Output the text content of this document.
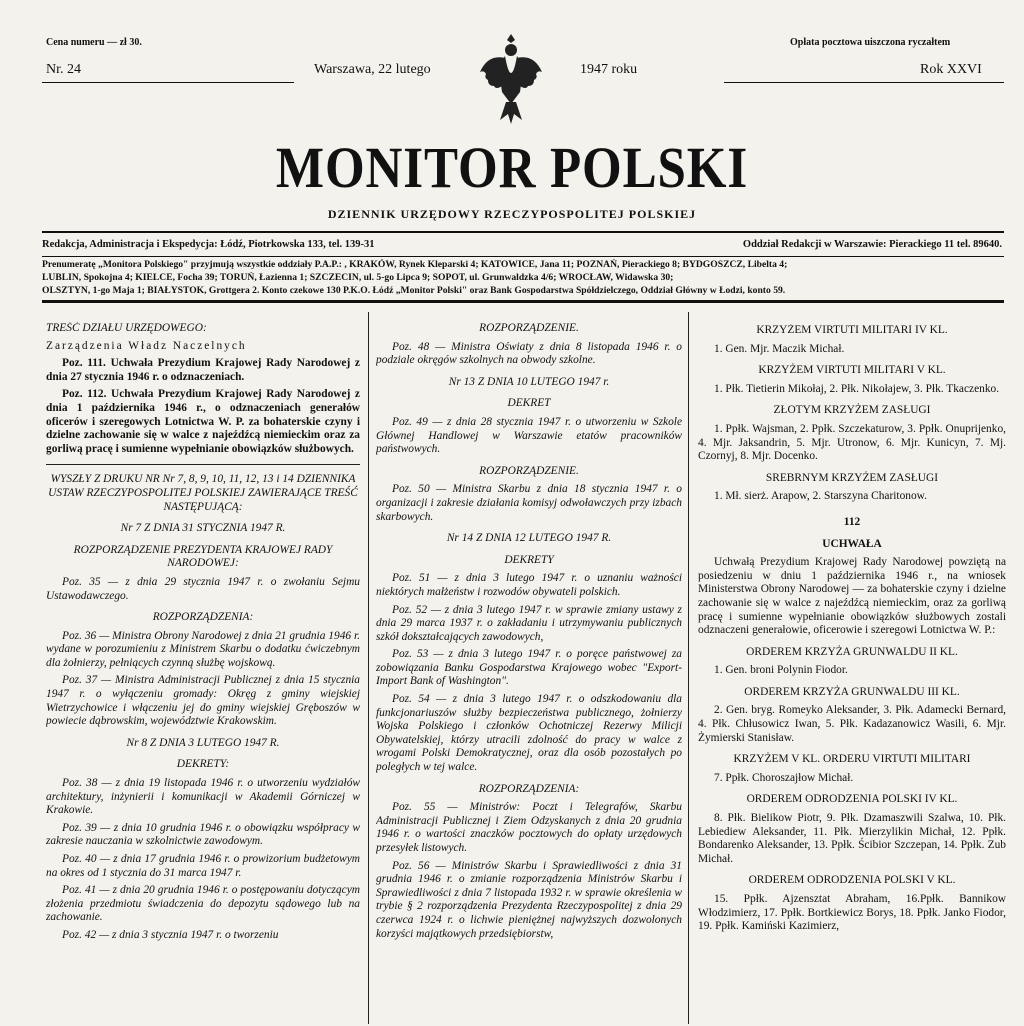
Cena numeru — zł 30.	Opłata pocztowa uiszczona ryczałtem
Nr. 24	Warszawa, 22 lutego	1947 roku	Rok XXVI
MONITOR POLSKI
DZIENNIK URZĘDOWY RZECZYPOSPOLITEJ POLSKIEJ
Redakcja, Administracja i Ekspedycja: Łódź, Piotrkowska 133, tel. 139-31	Oddział Redakcji w Warszawie: Pierackiego 11 tel. 89640.
Prenumeratę „Monitora Polskiego" przyjmują wszystkie oddziały P.A.P.: , KRAKÓW, Rynek Kleparski 4; KATOWICE, Jana 11; POZNAŃ, Pierackiego 8; BYDGOSZCZ, Libelta 4;
LUBLIN, Spokojna 4; KIELCE, Focha 39; TORUŃ, Łazienna 1; SZCZECIN, ul. 5-go Lipca 9; SOPOT, ul. Grunwaldzka 4/6; WROCŁAW, Widawska 30;
OLSZTYN, 1-go Maja 1; BIAŁYSTOK, Grottgera 2. Konto czekowe 130 P.K.O. Łódź „Monitor Polski" oraz Bank Gospodarstwa Spółdzielczego, Oddział Główny w Łodzi, konto 59.

TREŚĆ DZIAŁU URZĘDOWEGO:

Zarządzenia Władz Naczelnych

Poz. 111. Uchwała Prezydium Krajowej Rady Narodowej z dnia 27 stycznia 1946 r. o odznaczeniach.

Poz. 112. Uchwała Prezydium Krajowej Rady Narodowej z dnia 1 października 1946 r., o odznaczeniach generałów oficerów i szeregowych Lotnictwa W. P. za bohaterskie czyny i dzielne zachowanie się w walce z najeźdźcą niemieckim oraz za gorliwą pracę i sumienne wypełnianie obowiązków służbowych.

WYSZŁY Z DRUKU NR Nr 7, 8, 9, 10, 11, 12, 13 i 14 DZIENNIKA USTAW RZECZYPOSPOLITEJ POLSKIEJ ZAWIERAJĄCE TREŚĆ NASTĘPUJĄCĄ:

Nr 7 Z DNIA 31 STYCZNIA 1947 R.

ROZPORZĄDZENIE PREZYDENTA KRAJOWEJ RADY NARODOWEJ:

Poz. 35 — z dnia 29 stycznia 1947 r. o zwołaniu Sejmu Ustawodawczego.

ROZPORZĄDZENIA:

Poz. 36 — Ministra Obrony Narodowej z dnia 21 grudnia 1946 r. wydane w porozumieniu z Ministrem Skarbu o dodatku ćwiczebnym dla żołnierzy, pełniących czynną służbę wojskową.

Poz. 37 — Ministra Administracji Publicznej z dnia 15 stycznia 1947 r. o wyłączeniu gromady: Okręg z gminy wiejskiej Wietrzychowice i włączeniu jej do gminy wiejskiej Gręboszów w powiecie dąbrowskim, województwie Krakowskim.

Nr 8 Z DNIA 3 LUTEGO 1947 R.

DEKRETY:

Poz. 38 — z dnia 19 listopada 1946 r. o utworzeniu wydziałów architektury, inżynierii i komunikacji w Akademii Górniczej w Krakowie.

Poz. 39 — z dnia 10 grudnia 1946 r. o obowiązku współpracy w zakresie nauczania w szkolnictwie zawodowym.

Poz. 40 — z dnia 17 grudnia 1946 r. o prowizorium budżetowym na okres od 1 stycznia do 31 marca 1947 r.

Poz. 41 — z dnia 20 grudnia 1946 r. o postępowaniu dotyczącym złożenia przedmiotu świadczenia do depozytu sądowego lub na zachowanie.

Poz. 42 — z dnia 3 stycznia 1947 r. o tworzeniu

ROZPORZĄDZENIE.

Poz. 48 — Ministra Oświaty z dnia 8 listopada 1946 r. o podziale okręgów szkolnych na obwody szkolne.

Nr 13 Z DNIA 10 LUTEGO 1947 r.

DEKRET

Poz. 49 — z dnia 28 stycznia 1947 r. o utworzeniu w Szkole Głównej Handlowej w Warszawie etatów pracowników państwowych.

ROZPORZĄDZENIE.

Poz. 50 — Ministra Skarbu z dnia 18 stycznia 1947 r. o organizacji i zakresie działania komisyj odwoławczych przy izbach skarbowych.

Nr 14 Z DNIA 12 LUTEGO 1947 R.

DEKRETY

Poz. 51 — z dnia 3 lutego 1947 r. o uznaniu ważności niektórych małżeństw i rozwodów obywateli polskich.

Poz. 52 — z dnia 3 lutego 1947 r. w sprawie zmiany ustawy z dnia 29 marca 1937 r. o zakładaniu i utrzymywaniu publicznych szkół dokształcających zawodowych,

Poz. 53 — z dnia 3 lutego 1947 r. o poręce państwowej za zobowiązania Banku Gospodarstwa Krajowego wobec "Export-Import Bank of Washington".

Poz. 54 — z dnia 3 lutego 1947 r. o odszkodowaniu dla funkcjonariuszów służby bezpieczeństwa publicznego, żołnierzy Wojska Polskiego i członków Ochotniczej Rezerwy Milicji Obywatelskiej, którzy utracili zdolność do pracy w walce z wrogami Polski Demokratycznej, oraz dla osób pozostałych po poległych w tej walce.

ROZPORZĄDZENIA:

Poz. 55 — Ministrów: Poczt i Telegrafów, Skarbu Administracji Publicznej i Ziem Odzyskanych z dnia 20 grudnia 1946 r. o wartości znaczków pocztowych do opłaty urzędowych przesyłek listowych.

Poz. 56 — Ministrów Skarbu i Sprawiedliwości z dnia 31 grudnia 1946 r. o zmianie rozporządzenia Ministrów Skarbu i Sprawiedliwości z dnia 7 listopada 1932 r. w sprawie określenia w trybie § 2 rozporządzenia Prezydenta Rzeczypospolitej z dnia 29 czerwca 1924 r. o lichwie pieniężnej najwyższych dozwolonych korzyści majątkowych przedsiębiorstw,

KRZYŻEM VIRTUTI MILITARI IV KL.

1. Gen. Mjr. Maczik Michał.

KRZYŻEM VIRTUTI MILITARI V KL.

1. Płk. Tietierin Mikołaj, 2. Płk. Nikołajew, 3. Płk. Tkaczenko.

ZŁOTYM KRZYŻEM ZASŁUGI

1. Ppłk. Wajsman, 2. Ppłk. Szczekaturow, 3. Ppłk. Onuprijenko, 4. Mjr. Jaksandrin, 5. Mjr. Utronow, 6. Mjr. Kunicyn, 7. Mj. Czornyj, 8. Mjr. Docenko.

SREBRNYM KRZYŻEM ZASŁUGI

1. Mł. sierż. Arapow, 2. Starszyna Charitonow.

112

UCHWAŁA

Uchwałą Prezydium Krajowej Rady Narodowej powziętą na posiedzeniu w dniu 1 października 1946 r., na wniosek Ministerstwa Obrony Narodowej — za bohaterskie czyny i dzielne zachowanie się w walce z najeźdźcą niemieckim, oraz za gorliwą pracę i sumienne wypełnianie obowiązków służbowych zostali odznaczeni generałowie, oficerowie i szeregowi Lotnictwa W. P.:

ORDEREM KRZYŻA GRUNWALDU II KL.

1. Gen. broni Polynin Fiodor.

ORDEREM KRZYŻA GRUNWALDU III KL.

2. Gen. bryg. Romeyko Aleksander, 3. Płk. Adamecki Bernard, 4. Płk. Chłusowicz Iwan, 5. Płk. Kadazanowicz Wasili, 6. Mjr. Żymierski Stanisław.

KRZYŻEM V KL. ORDERU VIRTUTI MILITARI

7. Ppłk. Choroszajłow Michał.

ORDEREM ODRODZENIA POLSKI IV KL.

8. Płk. Bielikow Piotr, 9. Płk. Dzamaszwili Szalwa, 10. Płk. Lebiediew Aleksander, 11. Płk. Mierzylikin Michał, 12. Ppłk. Bondarenko Aleksander, 13. Ppłk. Ścibior Szczepan, 14. Ppłk. Zub Michał.

ORDEREM ODRODZENIA POLSKI V KL.

15. Ppłk. Ajzensztat Abraham, 16.Ppłk. Bannikow Włodzimierz, 17. Ppłk. Bortkiewicz Borys, 18. Ppłk. Janko Fiodor, 19. Ppłk. Kamiński Kazimierz,
